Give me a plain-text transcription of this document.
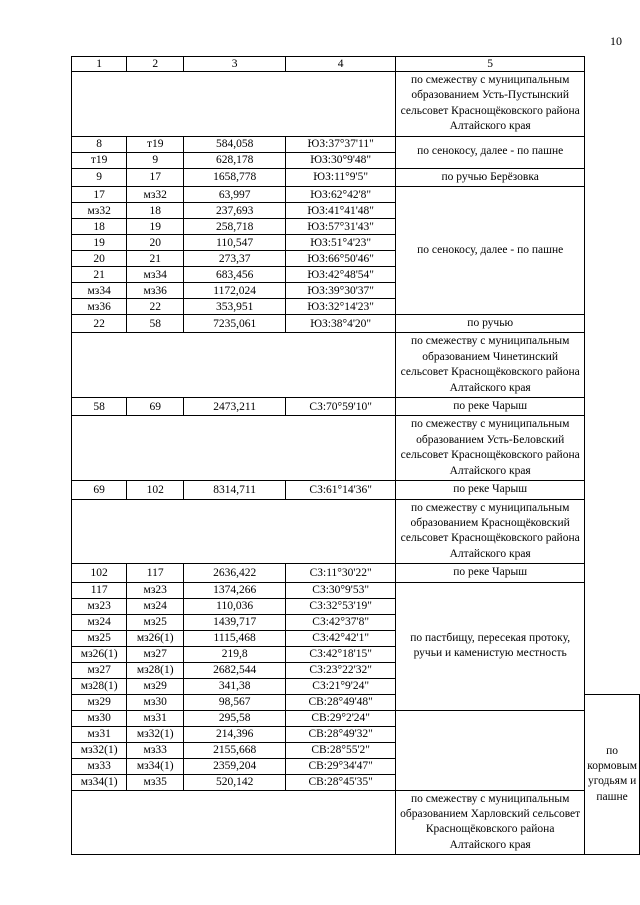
10
1	2	3	4	5	
				по смежеству с муниципальным образованием Усть-Пустынский сельсовет Краснощёковского района Алтайского края	
8	т19	584,058	ЮЗ:37°37'11"	по сенокосу, далее - по пашне	
т19	9	628,178	ЮЗ:30°9'48"		
9	17	1658,778	ЮЗ:11°9'5"	по ручью Берёзовка	
17	мз32	63,997	ЮЗ:62°42'8"	по сенокосу, далее - по пашне	
мз32	18	237,693	ЮЗ:41°41'48"		
18	19	258,718	ЮЗ:57°31'43"		
19	20	110,547	ЮЗ:51°4'23"		
20	21	273,37	ЮЗ:66°50'46"		
21	мз34	683,456	ЮЗ:42°48'54"		
мз34	мз36	1172,024	ЮЗ:39°30'37"		
мз36	22	353,951	ЮЗ:32°14'23"		
22	58	7235,061	ЮЗ:38°4'20"	по ручью	
				по смежеству с муниципальным образованием Чинетинский сельсовет Краснощёковского района Алтайского края	
58	69	2473,211	СЗ:70°59'10"	по реке Чарыш	
				по смежеству с муниципальным образованием Усть-Беловский сельсовет Краснощёковского района Алтайского края	
69	102	8314,711	СЗ:61°14'36"	по реке Чарыш	
				по смежеству с муниципальным образованием Краснощёковский сельсовет Краснощёковского района Алтайского края	
102	117	2636,422	СЗ:11°30'22"	по реке Чарыш	
117	мз23	1374,266	СЗ:30°9'53"	по пастбищу, пересекая протоку, ручьи и каменистую местность	
мз23	мз24	110,036	СЗ:32°53'19"		
мз24	мз25	1439,717	СЗ:42°37'8"		
мз25	мз26(1)	1115,468	СЗ:42°42'1"		
мз26(1)	мз27	219,8	СЗ:42°18'15"		
мз27	мз28(1)	2682,544	СЗ:23°22'32"		
мз28(1)	мз29	341,38	СЗ:21°9'24"		
мз29	мз30	98,567	СВ:28°49'48"		по кормовым угодьям и пашне
мз30	мз31	295,58	СВ:29°2'24"		
мз31	мз32(1)	214,396	СВ:28°49'32"		
мз32(1)	мз33	2155,668	СВ:28°55'2"		
мз33	мз34(1)	2359,204	СВ:29°34'47"		
мз34(1)	мз35	520,142	СВ:28°45'35"		
				по смежеству с муниципальным образованием Харловский сельсовет Краснощёковского района Алтайского края	
